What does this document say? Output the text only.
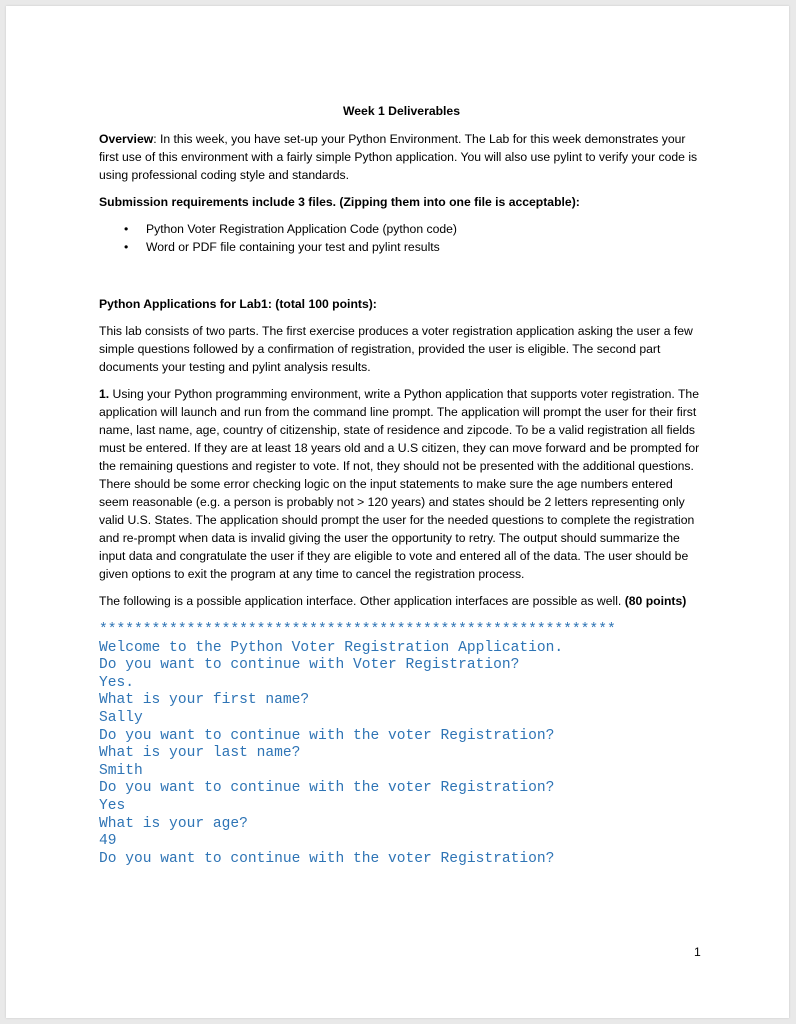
Week 1 Deliverables

Overview: In this week, you have set-up your Python Environment. The Lab for this week demonstrates your first use of this environment with a fairly simple Python application. You will also use pylint to verify your code is using professional coding style and standards.

Submission requirements include 3 files. (Zipping them into one file is acceptable):

• Python Voter Registration Application Code (python code)
• Word or PDF file containing your test and pylint results

Python Applications for Lab1: (total 100 points):

This lab consists of two parts. The first exercise produces a voter registration application asking the user a few simple questions followed by a confirmation of registration, provided the user is eligible. The second part documents your testing and pylint analysis results.

1. Using your Python programming environment, write a Python application that supports voter registration. The application will launch and run from the command line prompt. The application will prompt the user for their first name, last name, age, country of citizenship, state of residence and zipcode. To be a valid registration all fields must be entered. If they are at least 18 years old and a U.S citizen, they can move forward and be prompted for the remaining questions and register to vote. If not, they should not be presented with the additional questions. There should be some error checking logic on the input statements to make sure the age numbers entered seem reasonable (e.g. a person is probably not > 120 years) and states should be 2 letters representing only valid U.S. States. The application should prompt the user for the needed questions to complete the registration and re-prompt when data is invalid giving the user the opportunity to retry. The output should summarize the input data and congratulate the user if they are eligible to vote and entered all of the data. The user should be given options to exit the program at any time to cancel the registration process.

The following is a possible application interface. Other application interfaces are possible as well. (80 points)

***********************************************************
Welcome to the Python Voter Registration Application.
Do you want to continue with Voter Registration?
Yes.
What is your first name?
Sally
Do you want to continue with the voter Registration?
What is your last name?
Smith
Do you want to continue with the voter Registration?
Yes
What is your age?
49
Do you want to continue with the voter Registration?
1
